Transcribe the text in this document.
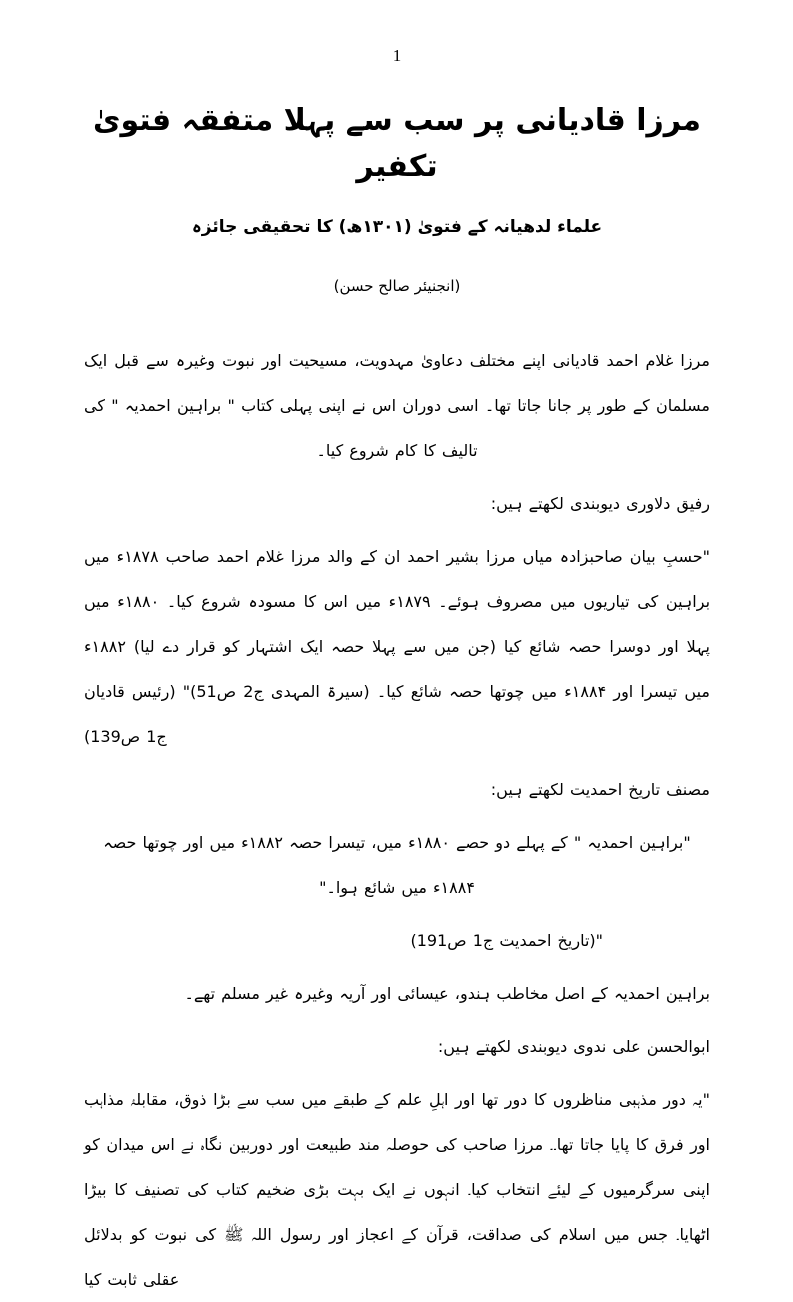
1
مرزا قادیانی پر سب سے پہلا متفقہ فتویٰ تکفیر
علماء لدھیانہ کے فتویٰ (۱۳۰۱ھ) کا تحقیقی جائزہ
(انجنیئر صالح حسن)

مرزا غلام احمد قادیانی اپنے مختلف دعاویٰ مہدویت، مسیحیت اور نبوت وغیرہ سے قبل ایک مسلمان کے طور پر جانا جاتا تھا۔ اسی دوران اس نے اپنی پہلی کتاب " براہین احمدیہ " کی تالیف کا کام شروع کیا۔

رفیق دلاوری دیوبندی لکھتے ہیں:

"حسبِ بیان صاحبزادہ میاں مرزا بشیر احمد ان کے والد مرزا غلام احمد صاحب ۱۸۷۸ء میں براہین کی تیاریوں میں مصروف ہوئے۔ ۱۸۷۹ء میں اس کا مسودہ شروع کیا۔ ۱۸۸۰ء میں پہلا اور دوسرا حصہ شائع کیا (جن میں سے پہلا حصہ ایک اشتہار کو قرار دے لیا) ۱۸۸۲ء میں تیسرا اور ۱۸۸۴ء میں چوتھا حصہ شائع کیا۔ (سیرۃ المہدی ج2 ص51)" (رئیس قادیان ج1 ص139)

مصنف تاریخ احمدیت لکھتے ہیں:

"براہین احمدیہ " کے پہلے دو حصے ۱۸۸۰ء میں، تیسرا حصہ ۱۸۸۲ء میں اور چوتھا حصہ ۱۸۸۴ء میں شائع ہوا۔"

"(تاریخ احمدیت ج1 ص191)

براہین احمدیہ کے اصل مخاطب ہندو، عیسائی اور آریہ وغیرہ غیر مسلم تھے۔

ابوالحسن علی ندوی دیوبندی لکھتے ہیں:

"یہ دور مذہبی مناظروں کا دور تھا اور اہلِ علم کے طبقے میں سب سے بڑا ذوق، مقابلۂ مذاہب اور فرق کا پایا جاتا تھا۔۔ مرزا صاحب کی حوصلہ مند طبیعت اور دوربین نگاہ نے اس میدان کو اپنی سرگرمیوں کے لیئے انتخاب کیا۔ انہوں نے ایک بہت بڑی ضخیم کتاب کی تصنیف کا بیڑا اٹھایا۔ جس میں اسلام کی صداقت، قرآن کے اعجاز اور رسول اللہ ﷺ کی نبوت کو بدلائل عقلی ثابت کیا
